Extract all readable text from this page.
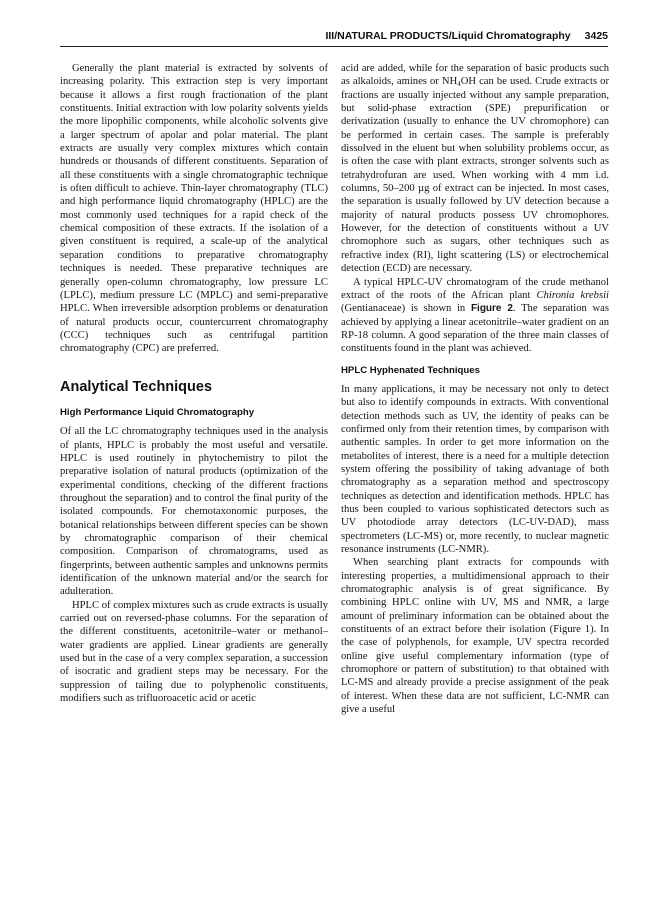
III/NATURAL PRODUCTS/Liquid Chromatography 3425

Generally the plant material is extracted by solvents of increasing polarity. This extraction step is very important because it allows a first rough fractionation of the plant constituents. Initial extraction with low polarity solvents yields the more lipophilic components, while alcoholic solvents give a larger spectrum of apolar and polar material. The plant extracts are usually very complex mixtures which contain hundreds or thousands of different constituents. Separation of all these constituents with a single chromatographic technique is often difficult to achieve. Thin-layer chromatography (TLC) and high performance liquid chromatography (HPLC) are the most commonly used techniques for a rapid check of the chemical composition of these extracts. If the isolation of a given constituent is required, a scale-up of the analytical separation conditions to preparative chromatography techniques is needed. These preparative techniques are generally open-column chromatography, low pressure LC (LPLC), medium pressure LC (MPLC) and semi-preparative HPLC. When irreversible adsorption problems or denaturation of natural products occur, countercurrent chromatography (CCC) techniques such as centrifugal partition chromatography (CPC) are preferred.

Analytical Techniques
High Performance Liquid Chromatography

Of all the LC chromatography techniques used in the analysis of plants, HPLC is probably the most useful and versatile. HPLC is used routinely in phytochemistry to pilot the preparative isolation of natural products (optimization of the experimental conditions, checking of the different fractions throughout the separation) and to control the final purity of the isolated compounds. For chemotaxonomic purposes, the botanical relationships between different species can be shown by chromatographic comparison of their chemical composition. Comparison of chromatograms, used as fingerprints, between authentic samples and unknowns permits identification of the unknown material and/or the search for adulteration.

HPLC of complex mixtures such as crude extracts is usually carried out on reversed-phase columns. For the separation of the different constituents, acetonitrile–water or methanol–water gradients are applied. Linear gradients are generally used but in the case of a very complex separation, a succession of isocratic and gradient steps may be necessary. For the suppression of tailing due to polyphenolic constituents, modifiers such as trifluoroacetic acid or acetic

acid are added, while for the separation of basic products such as alkaloids, amines or $NH_4OH$ can be used. Crude extracts or fractions are usually injected without any sample preparation, but solid-phase extraction (SPE) prepurification or derivatization (usually to enhance the UV chromophore) can be performed in certain cases. The sample is preferably dissolved in the eluent but when solubility problems occur, as is often the case with plant extracts, stronger solvents such as tetrahydrofuran are used. When working with 4 mm i.d. columns, 50–200 µg of extract can be injected. In most cases, the separation is usually followed by UV detection because a majority of natural products possess UV chromophores. However, for the detection of constituents without a UV chromophore such as sugars, other techniques such as refractive index (RI), light scattering (LS) or electrochemical detection (ECD) are necessary.

A typical HPLC-UV chromatogram of the crude methanol extract of the roots of the African plant Chironia krebsii (Gentianaceae) is shown in Figure 2. The separation was achieved by applying a linear acetonitrile–water gradient on an RP-18 column. A good separation of the three main classes of constituents found in the plant was achieved.

HPLC Hyphenated Techniques

In many applications, it may be necessary not only to detect but also to identify compounds in extracts. With conventional detection methods such as UV, the identity of peaks can be confirmed only from their retention times, by comparison with authentic samples. In order to get more information on the metabolites of interest, there is a need for a multiple detection system offering the possibility of taking advantage of both chromatography as a separation method and spectroscopy techniques as detection and identification methods. HPLC has thus been coupled to various sophisticated detectors such as UV photodiode array detectors (LC-UV-DAD), mass spectrometers (LC-MS) or, more recently, to nuclear magnetic resonance instruments (LC-NMR).

When searching plant extracts for compounds with interesting properties, a multidimensional approach to their chromatographic analysis is of great significance. By combining HPLC online with UV, MS and NMR, a large amount of preliminary information can be obtained about the constituents of an extract before their isolation (Figure 1). In the case of polyphenols, for example, UV spectra recorded online give useful complementary information (type of chromophore or pattern of substitution) to that obtained with LC-MS and already provide a precise assignment of the peak of interest. When these data are not sufficient, LC-NMR can give a useful
